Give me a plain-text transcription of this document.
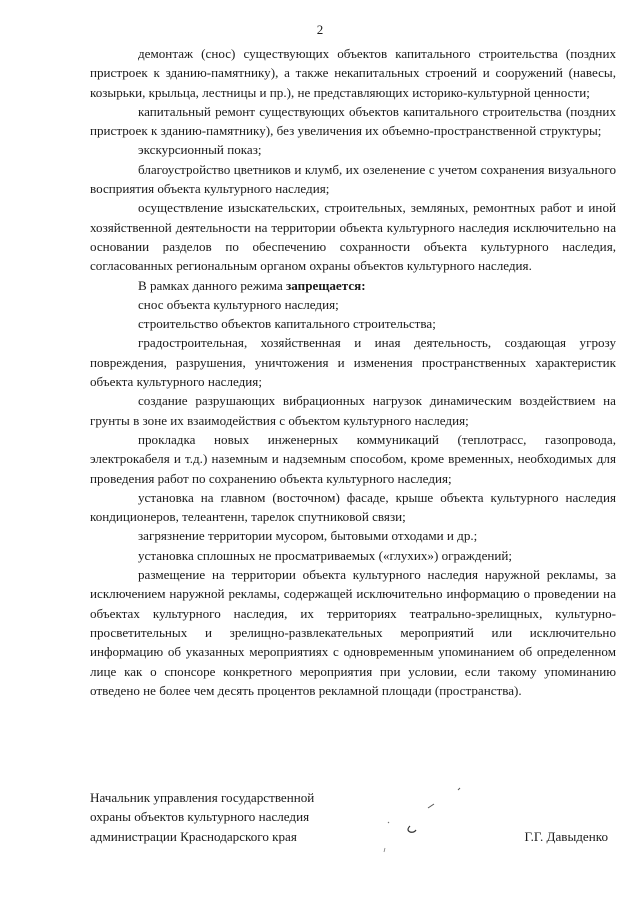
2

демонтаж (снос) существующих объектов капитального строительства (поздних пристроек к зданию-памятнику), а также некапитальных строений и сооружений (навесы, козырьки, крыльца, лестницы и пр.), не представляющих историко-культурной ценности;

капитальный ремонт существующих объектов капитального строительства (поздних пристроек к зданию-памятнику), без увеличения их объемно-пространственной структуры;

экскурсионный показ;

благоустройство цветников и клумб, их озеленение с учетом сохранения визуального восприятия объекта культурного наследия;

осуществление изыскательских, строительных, земляных, ремонтных работ и иной хозяйственной деятельности на территории объекта культурного наследия исключительно на основании разделов по обеспечению сохранности объекта культурного наследия, согласованных региональным органом охраны объектов культурного наследия.

В рамках данного режима запрещается:

снос объекта культурного наследия;

строительство объектов капитального строительства;

градостроительная, хозяйственная и иная деятельность, создающая угрозу повреждения, разрушения, уничтожения и изменения пространственных характеристик объекта культурного наследия;

создание разрушающих вибрационных нагрузок динамическим воздействием на грунты в зоне их взаимодействия с объектом культурного наследия;

прокладка новых инженерных коммуникаций (теплотрасс, газопровода, электрокабеля и т.д.) наземным и надземным способом, кроме временных, необходимых для проведения работ по сохранению объекта культурного наследия;

установка на главном (восточном) фасаде, крыше объекта культурного наследия кондиционеров, телеантенн, тарелок спутниковой связи;

загрязнение территории мусором, бытовыми отходами и др.;

установка сплошных не просматриваемых («глухих») ограждений;

размещение на территории объекта культурного наследия наружной рекламы, за исключением наружной рекламы, содержащей исключительно информацию о проведении на объектах культурного наследия, их территориях театрально-зрелищных, культурно-просветительных и зрелищно-развлекательных мероприятий или исключительно информацию об указанных мероприятиях с одновременным упоминанием об определенном лице как о спонсоре конкретного мероприятия при условии, если такому упоминанию отведено не более чем десять процентов рекламной площади (пространства).

Начальник управления государственной
охраны объектов культурного наследия
администрации Краснодарского края	Г.Г. Давыденко
